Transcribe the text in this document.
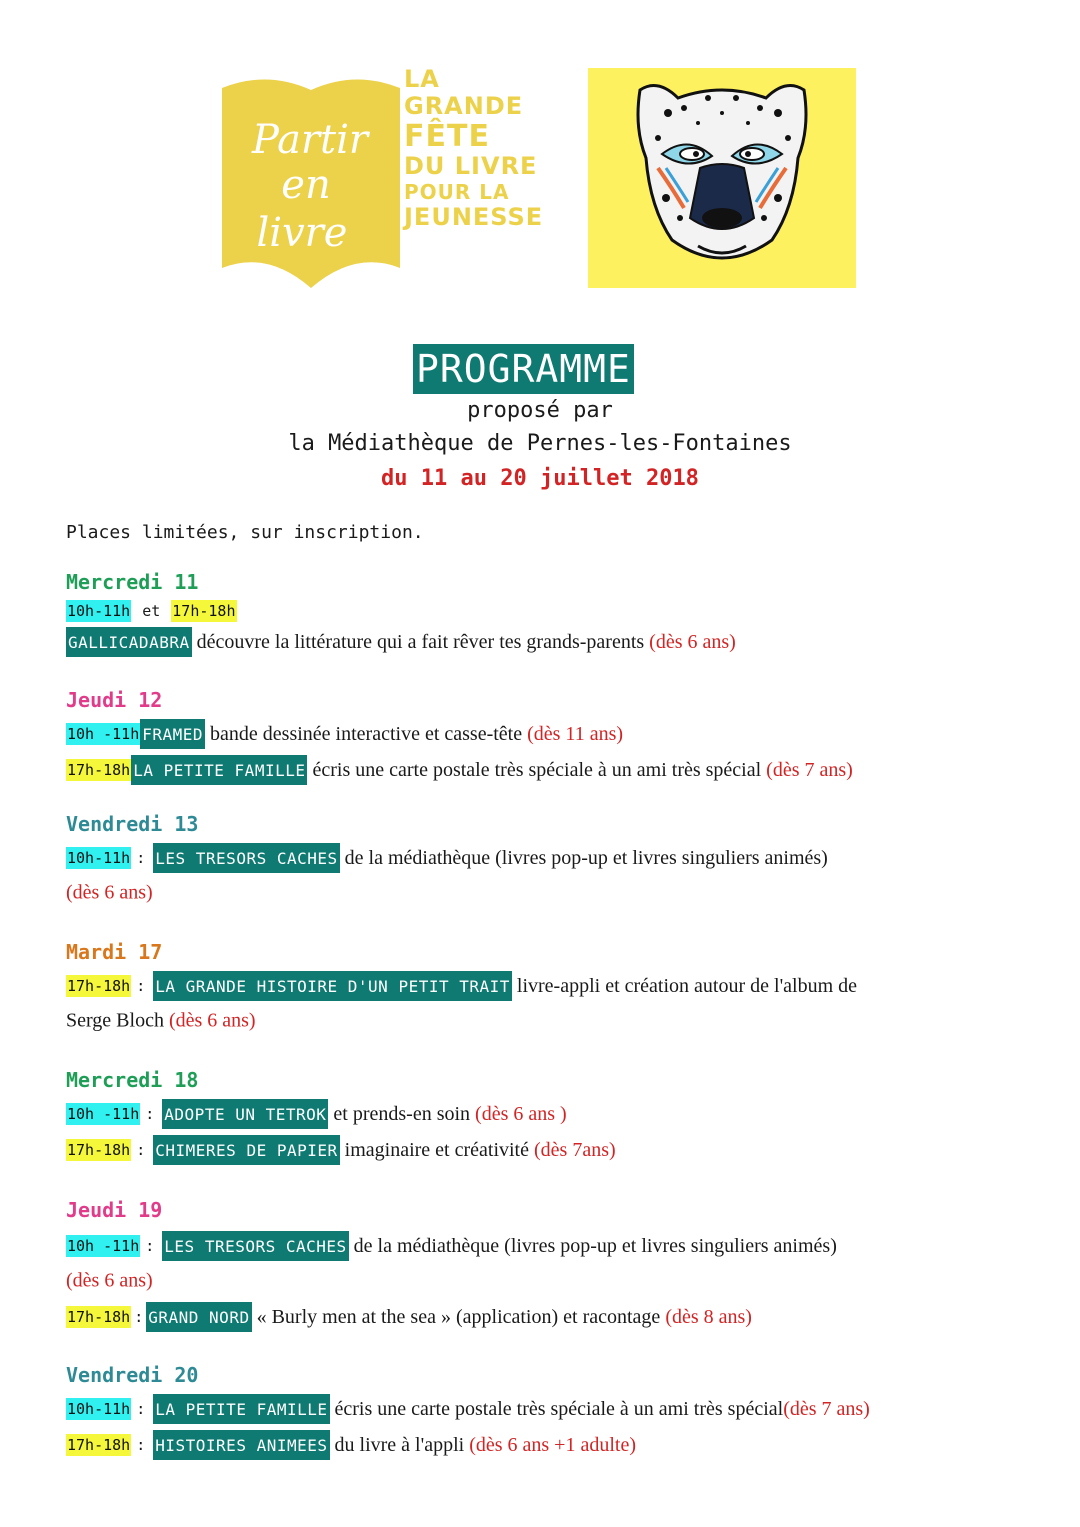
Partir
en
livre
LA
GRANDE
FÊTE
DU LIVRE
POUR LA
JEUNESSE
PROGRAMME
proposé par
la Médiathèque de Pernes-les-Fontaines
du 11 au 20 juillet 2018
Places limitées, sur inscription.
Mercredi 11
10h-11h et 17h-18h
GALLICADABRA découvre la littérature qui a fait rêver tes grands-parents (dès 6 ans)
Jeudi 12
10h -11h FRAMED bande dessinée interactive et casse-tête (dès 11 ans)
17h-18h LA PETITE FAMILLE écris une carte postale très spéciale à un ami très spécial (dès 7 ans)
Vendredi 13
10h-11h : LES TRESORS CACHES de la médiathèque (livres pop-up et livres singuliers animés)
(dès 6 ans)
Mardi 17
17h-18h : LA GRANDE HISTOIRE D'UN PETIT TRAIT livre-appli et création autour de l'album de
Serge Bloch (dès 6 ans)
Mercredi 18
10h -11h : ADOPTE UN TETROK et prends-en soin (dès 6 ans )
17h-18h : CHIMERES DE PAPIER imaginaire et créativité (dès 7ans)
Jeudi 19
10h -11h : LES TRESORS CACHES de la médiathèque (livres pop-up et livres singuliers animés)
(dès 6 ans)
17h-18h : GRAND NORD « Burly men at the sea » (application) et racontage (dès 8 ans)
Vendredi 20
10h-11h : LA PETITE FAMILLE écris une carte postale très spéciale à un ami très spécial(dès 7 ans)
17h-18h : HISTOIRES ANIMEES du livre à l'appli (dès 6 ans +1 adulte)
